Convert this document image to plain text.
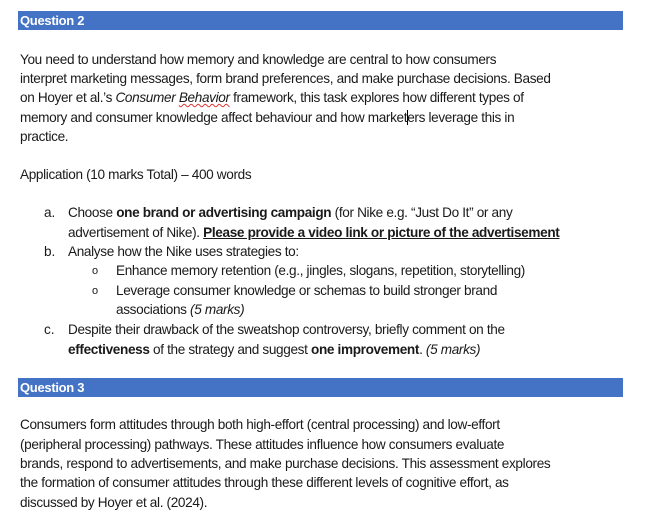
Question 2
You need to understand how memory and knowledge are central to how consumers
interpret marketing messages, form brand preferences, and make purchase decisions. Based
on Hoyer et al.’s Consumer Behavior framework, this task explores how different types of
memory and consumer knowledge affect behaviour and how marketers leverage this in
practice.
Application (10 marks Total) – 400 words
a. Choose one brand or advertising campaign (for Nike e.g. “Just Do It” or any
advertisement of Nike). Please provide a video link or picture of the advertisement
b. Analyse how the Nike uses strategies to:
o Enhance memory retention (e.g., jingles, slogans, repetition, storytelling)
o Leverage consumer knowledge or schemas to build stronger brand
associations (5 marks)
c. Despite their drawback of the sweatshop controversy, briefly comment on the
effectiveness of the strategy and suggest one improvement. (5 marks)
Question 3
Consumers form attitudes through both high-effort (central processing) and low-effort
(peripheral processing) pathways. These attitudes influence how consumers evaluate
brands, respond to advertisements, and make purchase decisions. This assessment explores
the formation of consumer attitudes through these different levels of cognitive effort, as
discussed by Hoyer et al. (2024).
